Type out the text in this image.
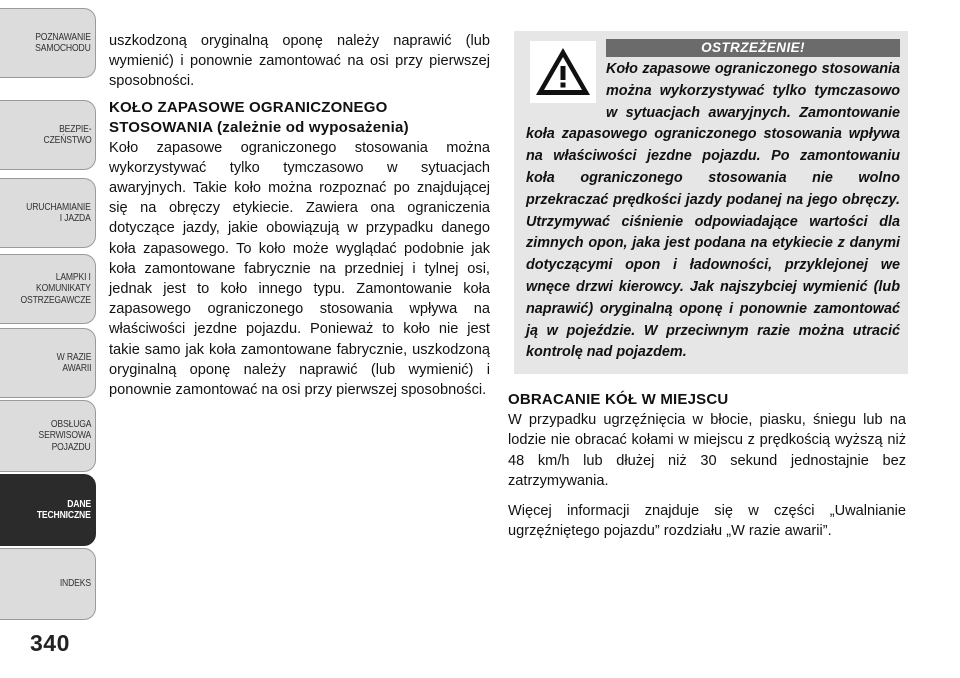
POZNAWANIE
SAMOCHODU
BEZPIE-
CZEŃSTWO
URUCHAMIANIE
I JAZDA
LAMPKI I
KOMUNIKATY
OSTRZEGAWCZE
W RAZIE
AWARII
OBSŁUGA
SERWISOWA
POJAZDU
DANE
TECHNICZNE
INDEKS
340

uszkodzoną oryginalną oponę należy naprawić (lub wymienić) i ponownie zamontować na osi przy pierwszej sposobności.

KOŁO ZAPASOWE OGRANICZONEGO
STOSOWANIA (zależnie od wyposażenia)

Koło zapasowe ograniczonego stosowania można wykorzystywać tylko tymczasowo w sytuacjach awaryjnych. Takie koło można rozpoznać po znajdującej się na obręczy etykiecie. Zawiera ona ograniczenia dotyczące jazdy, jakie obowiązują w przypadku danego koła zapasowego. To koło może wyglądać podobnie jak koła zamontowane fabrycznie na przedniej i tylnej osi, jednak jest to koło innego typu. Zamontowanie koła zapasowego ograniczonego stosowania wpływa na właściwości jezdne pojazdu. Ponieważ to koło nie jest takie samo jak koła zamontowane fabrycznie, uszkodzoną oryginalną oponę należy naprawić (lub wymienić) i ponownie zamontować na osi przy pierwszej sposobności.

OSTRZEŻENIE!

Koło zapasowe ograniczonego stosowania można wykorzystywać tylko tymczasowo w sytuacjach awaryjnych. Zamontowanie koła zapasowego ograniczonego stosowania wpływa na właściwości jezdne pojazdu. Po zamontowaniu koła ograniczonego stosowania nie wolno przekraczać prędkości jazdy podanej na jego obręczy. Utrzymywać ciśnienie odpowiadające wartości dla zimnych opon, jaka jest podana na etykiecie z danymi dotyczącymi opon i ładowności, przyklejonej we wnęce drzwi kierowcy. Jak najszybciej wymienić (lub naprawić) oryginalną oponę i ponownie zamontować ją w pojeździe. W przeciwnym razie można utracić kontrolę nad pojazdem.

OBRACANIE KÓŁ W MIEJSCU

W przypadku ugrzęźnięcia w błocie, piasku, śniegu lub na lodzie nie obracać kołami w miejscu z prędkością wyższą niż 48 km/h lub dłużej niż 30 sekund jednostajnie bez zatrzymywania.

Więcej informacji znajduje się w części „Uwalnianie ugrzęźniętego pojazdu” rozdziału „W razie awarii”.
